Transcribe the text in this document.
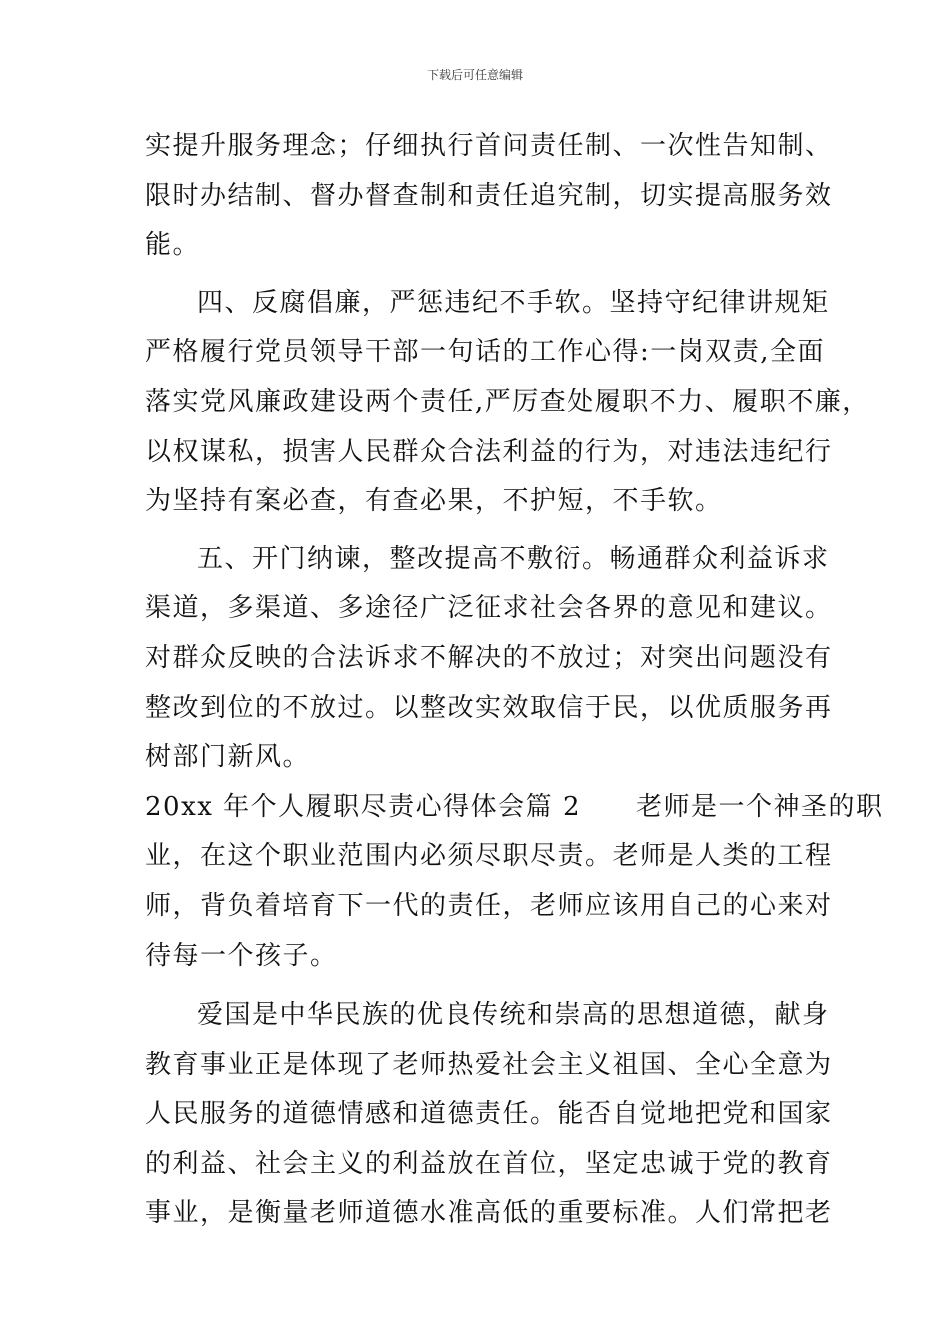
下载后可任意编辑
实提升服务理念；仔细执行首问责任制、一次性告知制、
限时办结制、督办督查制和责任追究制，切实提高服务效
能。
四、反腐倡廉，严惩违纪不手软。坚持守纪律讲规矩
严格履行党员领导干部一句话的工作心得:一岗双责,全面
落实党风廉政建设两个责任,严厉查处履职不力、履职不廉，
以权谋私，损害人民群众合法利益的行为，对违法违纪行
为坚持有案必查，有查必果，不护短，不手软。
五、开门纳谏，整改提高不敷衍。畅通群众利益诉求
渠道，多渠道、多途径广泛征求社会各界的意见和建议。
对群众反映的合法诉求不解决的不放过；对突出问题没有
整改到位的不放过。以整改实效取信于民，以优质服务再
树部门新风。
20xx 年个人履职尽责心得体会篇 2　　老师是一个神圣的职
业，在这个职业范围内必须尽职尽责。老师是人类的工程
师，背负着培育下一代的责任，老师应该用自己的心来对
待每一个孩子。
爱国是中华民族的优良传统和崇高的思想道德，献身
教育事业正是体现了老师热爱社会主义祖国、全心全意为
人民服务的道德情感和道德责任。能否自觉地把党和国家
的利益、社会主义的利益放在首位，坚定忠诚于党的教育
事业，是衡量老师道德水准高低的重要标准。人们常把老
